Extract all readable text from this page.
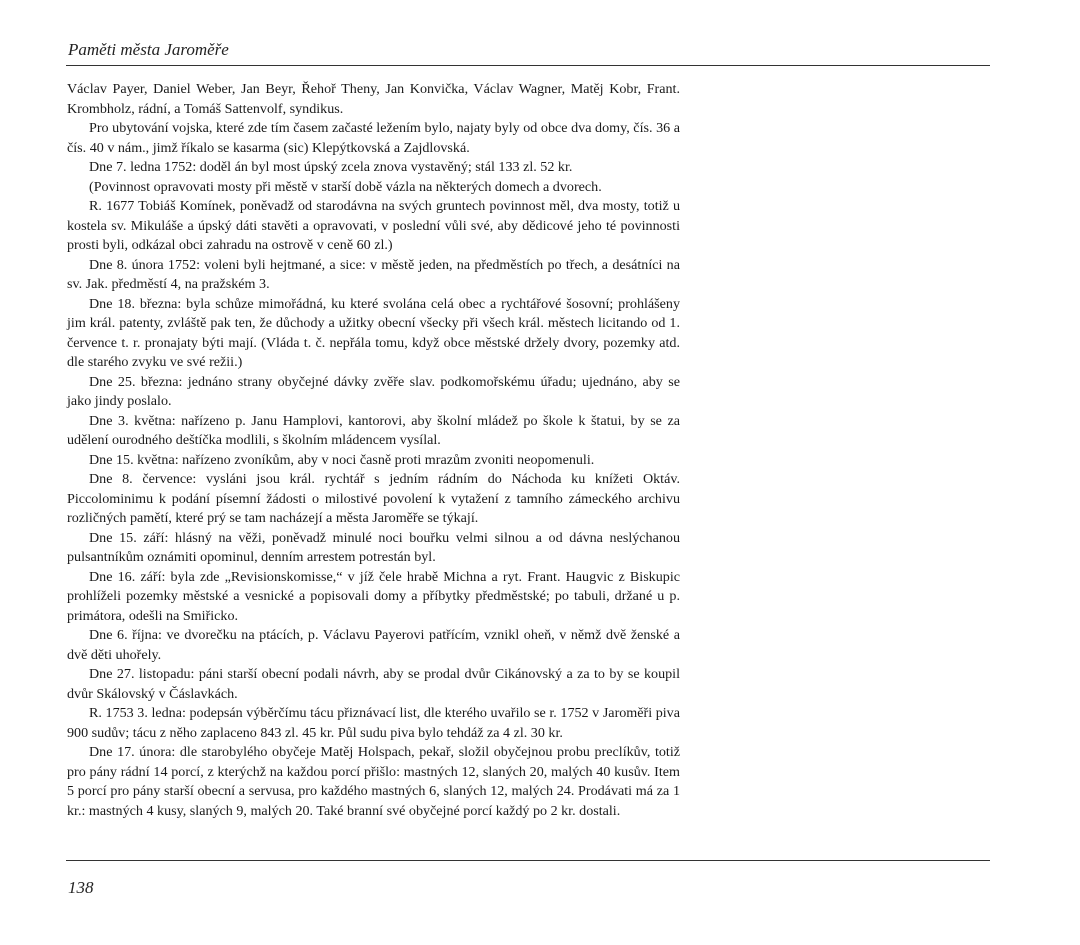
Paměti města Jaroměře

Václav Payer, Daniel Weber, Jan Beyr, Řehoř Theny, Jan Konvička, Václav Wagner, Matěj Kobr, Frant. Krombholz, rádní, a Tomáš Sattenvolf, syndikus.

Pro ubytování vojska, které zde tím časem začasté ležením bylo, najaty byly od obce dva domy, čís. 36 a čís. 40 v nám., jimž říkalo se kasarma (sic) Klepýtkovská a Zajdlovská.

Dne 7. ledna 1752: doděl án byl most úpský zcela znova vystavěný; stál 133 zl. 52 kr.

(Povinnost opravovati mosty při městě v starší době vázla na některých domech a dvorech.

R. 1677 Tobiáš Komínek, poněvadž od starodávna na svých gruntech povinnost měl, dva mosty, totiž u kostela sv. Mikuláše a úpský dáti stavěti a opravovati, v poslední vůli své, aby dědicové jeho té povinnosti prosti byli, odkázal obci zahradu na ostrově v ceně 60 zl.)

Dne 8. února 1752: voleni byli hejtmané, a sice: v městě jeden, na předměstích po třech, a desátníci na sv. Jak. předměstí 4, na pražském 3.

Dne 18. března: byla schůze mimořádná, ku které svolána celá obec a rychtářové šosovní; prohlášeny jim král. patenty, zvláště pak ten, že důchody a užitky obecní všecky při všech král. městech licitando od 1. července t. r. pronajaty býti mají. (Vláda t. č. nepřála tomu, když obce městské držely dvory, pozemky atd. dle starého zvyku ve své režii.)

Dne 25. března: jednáno strany obyčejné dávky zvěře slav. podkomořskému úřadu; ujednáno, aby se jako jindy poslalo.

Dne 3. května: nařízeno p. Janu Hamplovi, kantorovi, aby školní mládež po škole k štatui, by se za udělení ourodného deštíčka modlili, s školním mládencem vysílal.

Dne 15. května: nařízeno zvoníkům, aby v noci časně proti mrazům zvoniti neopomenuli.

Dne 8. července: vysláni jsou král. rychtář s jedním rádním do Náchoda ku knížeti Oktáv. Piccolominimu k podání písemní žádosti o milostivé povolení k vytažení z tamního zámeckého archivu rozličných pamětí, které prý se tam nacházejí a města Jaroměře se týkají.

Dne 15. září: hlásný na věži, poněvadž minulé noci bouřku velmi silnou a od dávna neslýchanou pulsantníkům oznámiti opominul, denním arrestem potrestán byl.

Dne 16. září: byla zde „Revisionskomisse,“ v jíž čele hrabě Michna a ryt. Frant. Haugvic z Biskupic prohlíželi pozemky městské a vesnické a popisovali domy a příbytky předměstské; po tabuli, držané u p. primátora, odešli na Smiřicko.

Dne 6. října: ve dvorečku na ptácích, p. Václavu Payerovi patřícím, vznikl oheň, v němž dvě ženské a dvě děti uhořely.

Dne 27. listopadu: páni starší obecní podali návrh, aby se prodal dvůr Cikánovský a za to by se koupil dvůr Skálovský v Čáslavkách.

R. 1753 3. ledna: podepsán výběrčímu tácu přiznávací list, dle kterého uvařilo se r. 1752 v Jaroměři piva 900 sudův; tácu z něho zaplaceno 843 zl. 45 kr. Půl sudu piva bylo tehdáž za 4 zl. 30 kr.

Dne 17. února: dle starobylého obyčeje Matěj Holspach, pekař, složil obyčejnou probu preclíkův, totiž pro pány rádní 14 porcí, z kterýchž na každou porcí přišlo: mastných 12, slaných 20, malých 40 kusův. Item 5 porcí pro pány starší obecní a servusa, pro každého mastných 6, slaných 12, malých 24. Prodávati má za 1 kr.: mastných 4 kusy, slaných 9, malých 20. Také branní své obyčejné porcí každý po 2 kr. dostali.

138
